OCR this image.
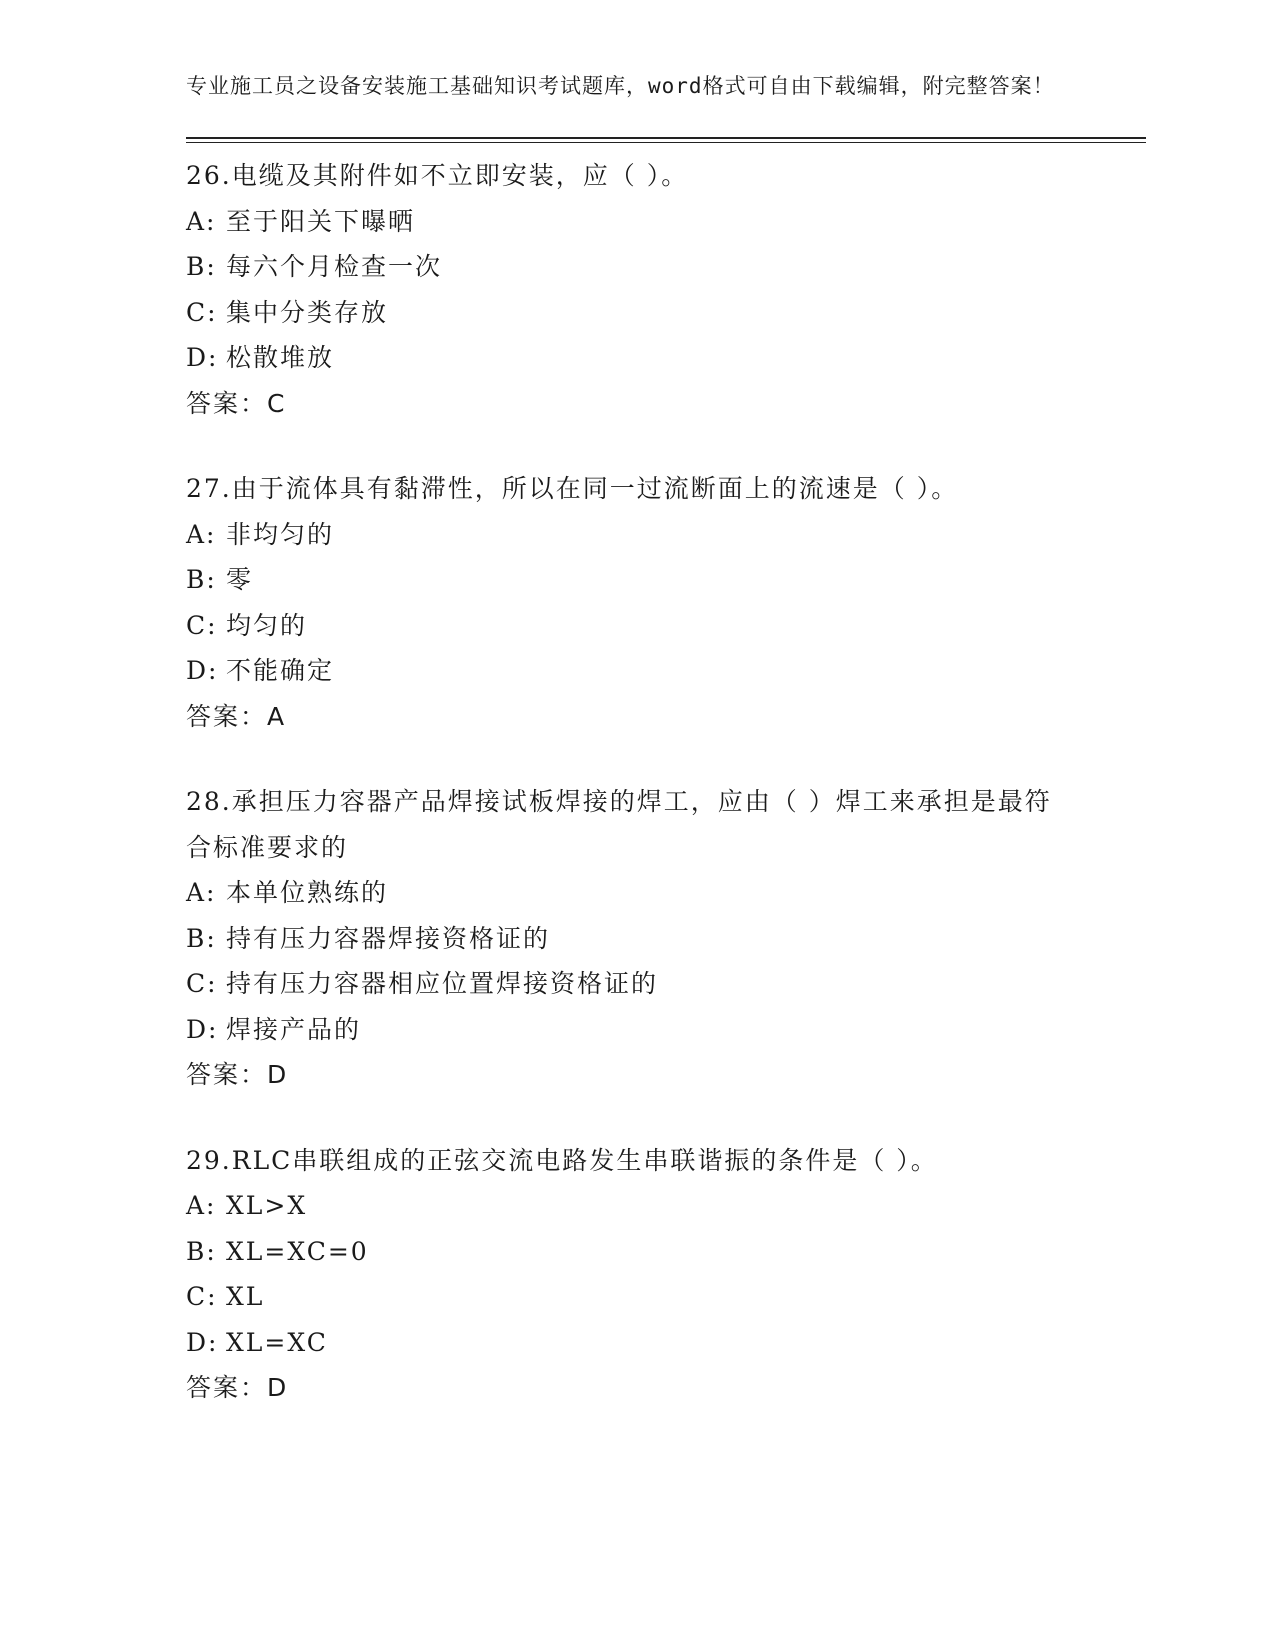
专业施工员之设备安装施工基础知识考试题库，word格式可自由下载编辑，附完整答案！
26.电缆及其附件如不立即安装，应（ ）。
A: 至于阳关下曝晒
B: 每六个月检查一次
C: 集中分类存放
D: 松散堆放
答案：C
27.由于流体具有黏滞性，所以在同一过流断面上的流速是（ ）。
A: 非均匀的
B: 零
C: 均匀的
D: 不能确定
答案：A
28.承担压力容器产品焊接试板焊接的焊工，应由（ ）焊工来承担是最符合标准要求的
A: 本单位熟练的
B: 持有压力容器焊接资格证的
C: 持有压力容器相应位置焊接资格证的
D: 焊接产品的
答案：D
29.RLC串联组成的正弦交流电路发生串联谐振的条件是（ ）。
A: XL>X
B: XL=XC=0
C: XL
D: XL=XC
答案：D
